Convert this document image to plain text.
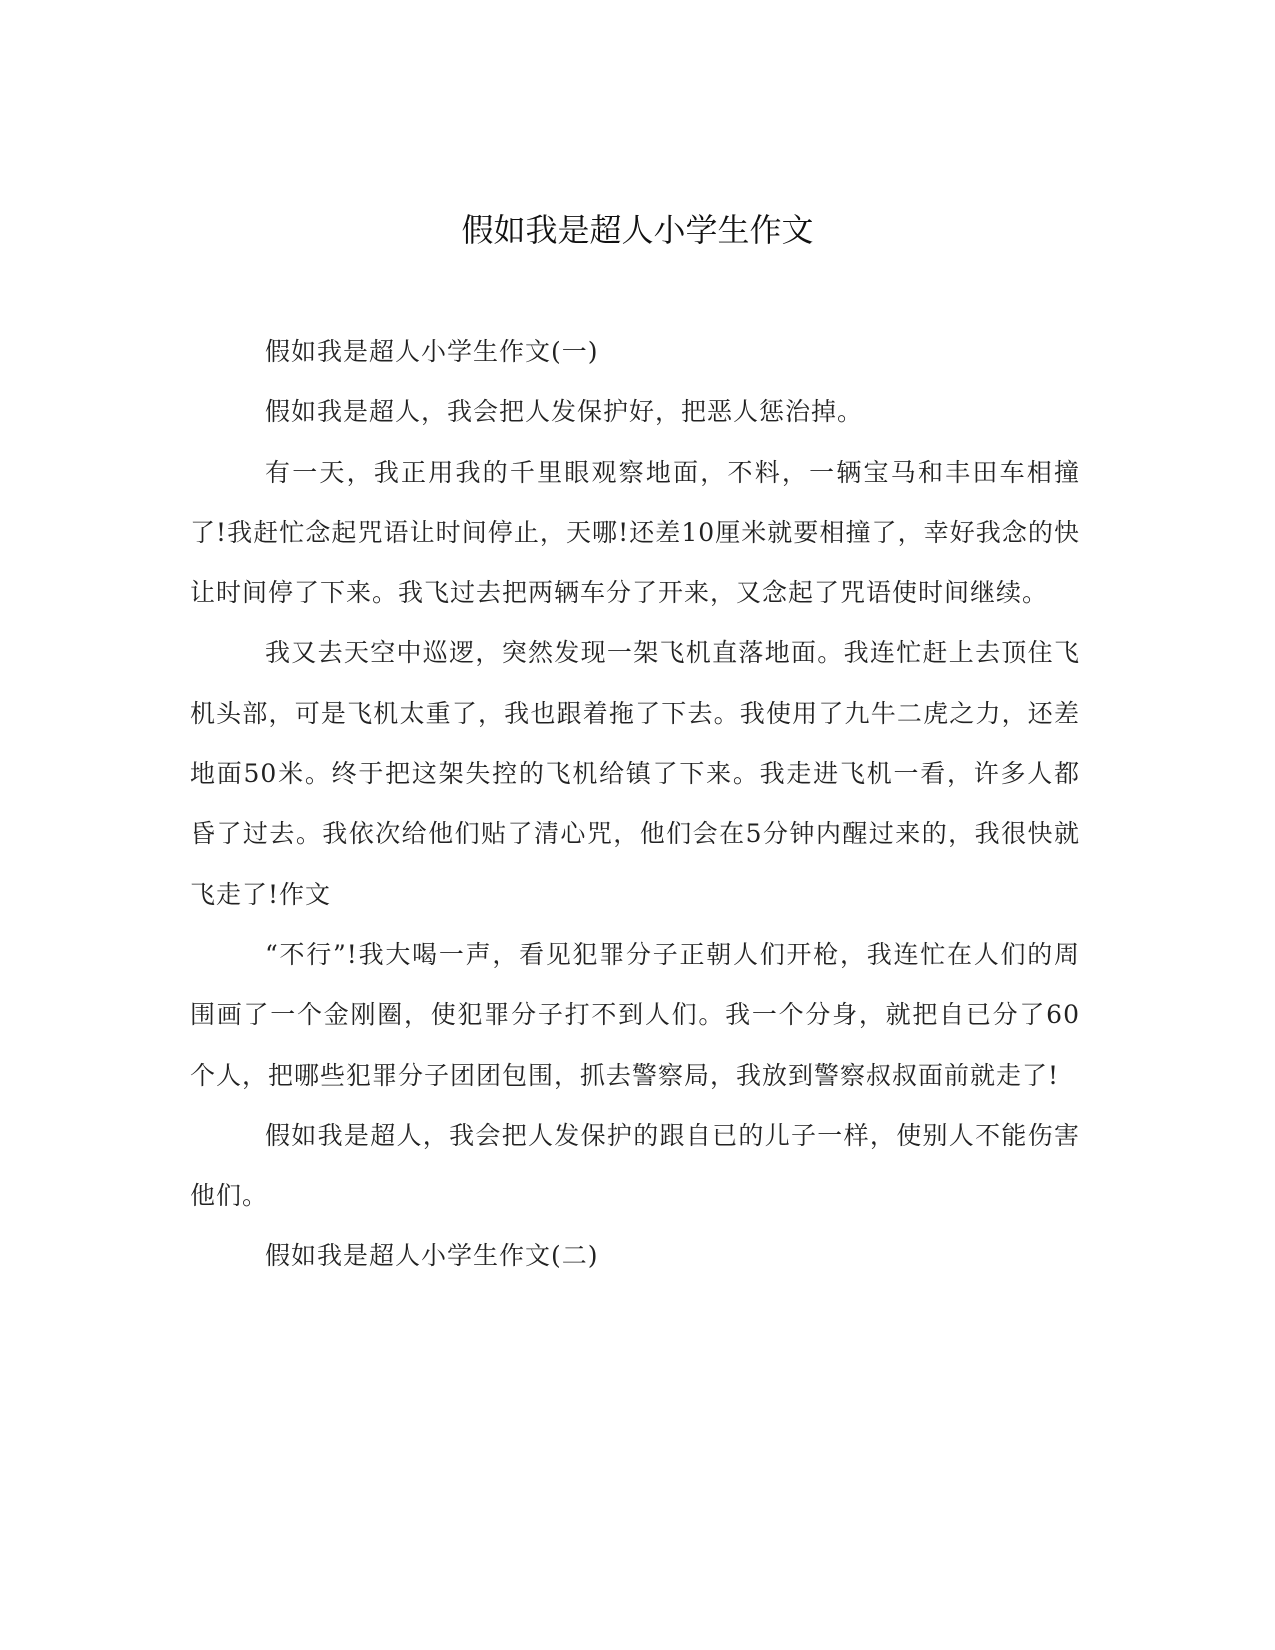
假如我是超人小学生作文

假如我是超人小学生作文(一)

假如我是超人，我会把人发保护好，把恶人惩治掉。

有一天，我正用我的千里眼观察地面，不料，一辆宝马和丰田车相撞了!我赶忙念起咒语让时间停止，天哪!还差10厘米就要相撞了，幸好我念的快让时间停了下来。我飞过去把两辆车分了开来，又念起了咒语使时间继续。

我又去天空中巡逻，突然发现一架飞机直落地面。我连忙赶上去顶住飞机头部，可是飞机太重了，我也跟着拖了下去。我使用了九牛二虎之力，还差地面50米。终于把这架失控的飞机给镇了下来。我走进飞机一看，许多人都昏了过去。我依次给他们贴了清心咒，他们会在5分钟内醒过来的，我很快就飞走了!作文

“不行”!我大喝一声，看见犯罪分子正朝人们开枪，我连忙在人们的周围画了一个金刚圈，使犯罪分子打不到人们。我一个分身，就把自已分了60个人，把哪些犯罪分子团团包围，抓去警察局，我放到警察叔叔面前就走了!

假如我是超人，我会把人发保护的跟自已的儿子一样，使别人不能伤害他们。

假如我是超人小学生作文(二)
